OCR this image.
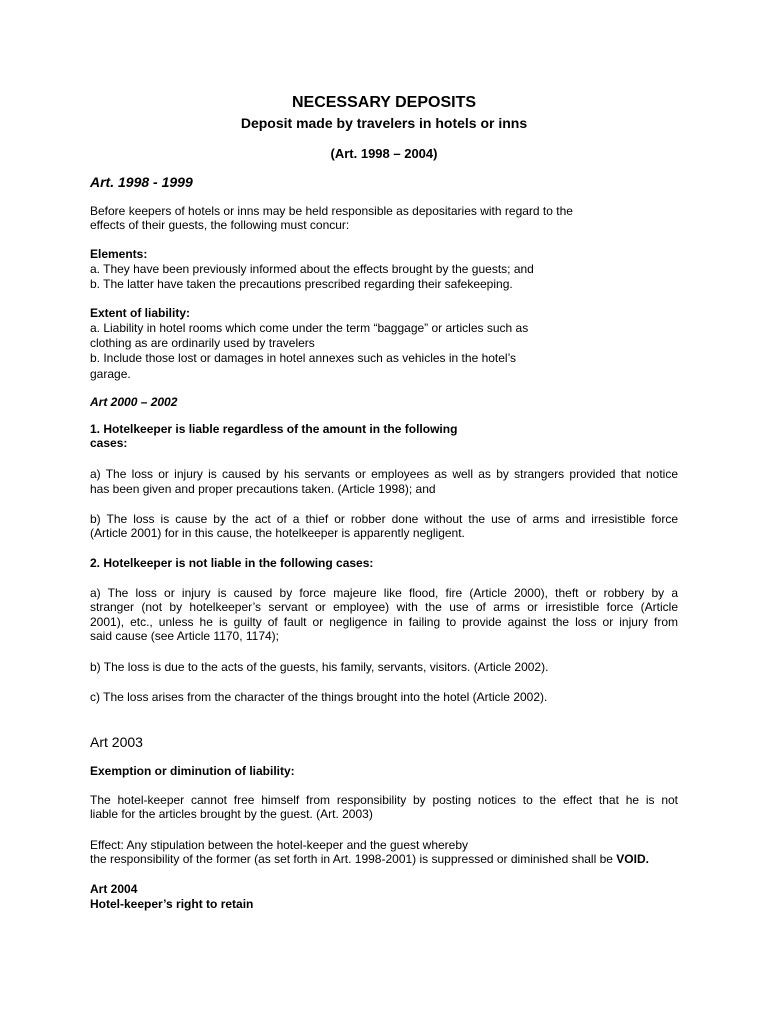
NECESSARY DEPOSITS
Deposit made by travelers in hotels or inns
(Art. 1998 – 2004)
Art. 1998 - 1999
Before keepers of hotels or inns may be held responsible as depositaries with regard to the
effects of their guests, the following must concur:
Elements:
a. They have been previously informed about the effects brought by the guests; and
b. The latter have taken the precautions prescribed regarding their safekeeping.
Extent of liability:
a. Liability in hotel rooms which come under the term “baggage” or articles such as
clothing as are ordinarily used by travelers
b. Include those lost or damages in hotel annexes such as vehicles in the hotel’s
garage.
Art 2000 – 2002
1. Hotelkeeper is liable regardless of the amount in the following
cases:
a) The loss or injury is caused by his servants or employees as well as by strangers provided that notice
has been given and proper precautions taken. (Article 1998); and
b) The loss is cause by the act of a thief or robber done without the use of arms and irresistible force
(Article 2001) for in this cause, the hotelkeeper is apparently negligent.
2. Hotelkeeper is not liable in the following cases:
a) The loss or injury is caused by force majeure like flood, fire (Article 2000), theft or robbery by a
stranger (not by hotelkeeper’s servant or employee) with the use of arms or irresistible force (Article
2001), etc., unless he is guilty of fault or negligence in failing to provide against the loss or injury from
said cause (see Article 1170, 1174);
b) The loss is due to the acts of the guests, his family, servants, visitors. (Article 2002).
c) The loss arises from the character of the things brought into the hotel (Article 2002).
Art 2003
Exemption or diminution of liability:
The hotel-keeper cannot free himself from responsibility by posting notices to the effect that he is not
liable for the articles brought by the guest. (Art. 2003)
Effect: Any stipulation between the hotel-keeper and the guest whereby
the responsibility of the former (as set forth in Art. 1998-2001) is suppressed or diminished shall be VOID.
Art 2004
Hotel-keeper’s right to retain
